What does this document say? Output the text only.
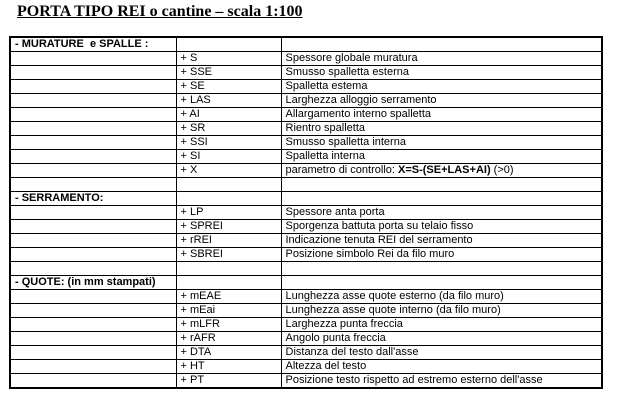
PORTA TIPO REI o cantine – scala 1:100
- MURATURE  e SPALLE :		
	+ S	Spessore globale muratura
	+ SSE	Smusso spalletta esterna
	+ SE	Spalletta estema
	+ LAS	Larghezza alloggio serramento
	+ AI	Allargamento interno spalletta
	+ SR	Rientro spalletta
	+ SSI	Smusso spalletta interna
	+ SI	Spalletta interna
	+ X	parametro di controllo: X=S-(SE+LAS+AI) (>0)

- SERRAMENTO:		
	+ LP	Spessore anta porta
	+ SPREI	Sporgenza battuta porta su telaio fisso
	+ rREI	Indicazione tenuta REI del serramento
	+ SBREI	Posizione simbolo Rei da filo muro

- QUOTE: (in mm stampati)		
	+ mEAE	Lunghezza asse quote esterno (da filo muro)
	+ mEai	Lunghezza asse quote interno (da filo muro)
	+ mLFR	Larghezza punta freccia
	+ rAFR	Angolo punta freccia
	+ DTA	Distanza del testo dall'asse
	+ HT	Altezza del testo
	+ PT	Posizione testo rispetto ad estremo esterno dell'asse
